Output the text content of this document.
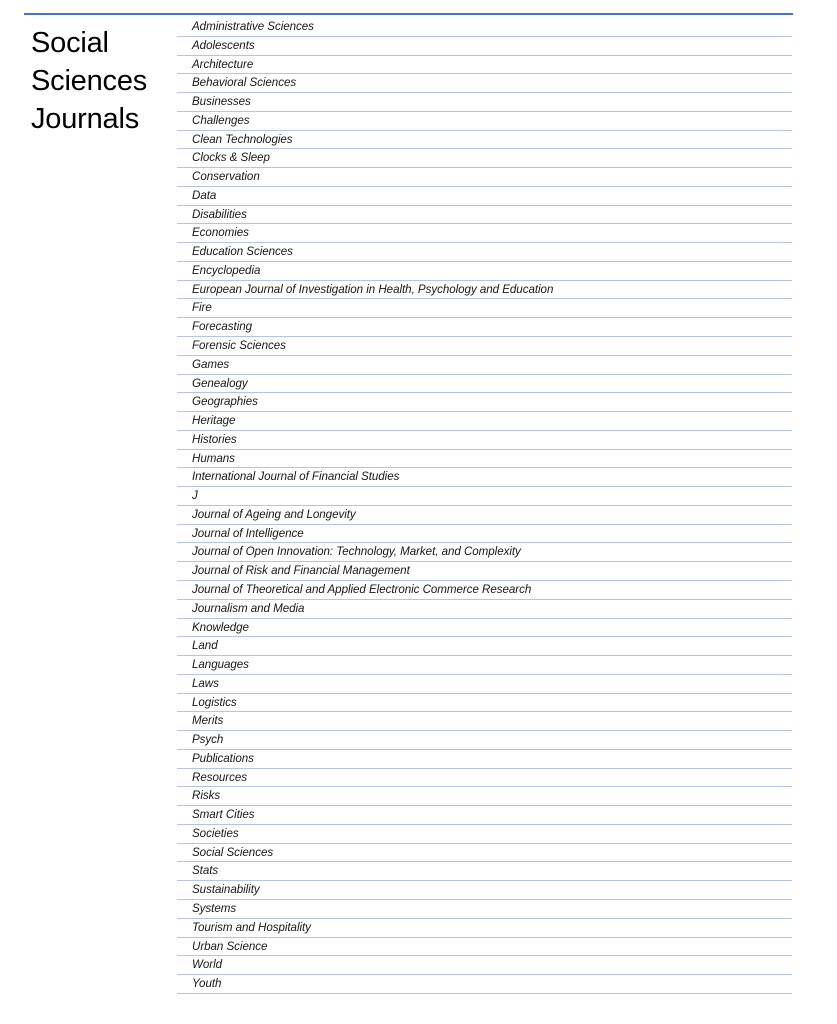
Social
Sciences
Journals
Administrative Sciences
Adolescents
Architecture
Behavioral Sciences
Businesses
Challenges
Clean Technologies
Clocks & Sleep
Conservation
Data
Disabilities
Economies
Education Sciences
Encyclopedia
European Journal of Investigation in Health, Psychology and Education
Fire
Forecasting
Forensic Sciences
Games
Genealogy
Geographies
Heritage
Histories
Humans
International Journal of Financial Studies
J
Journal of Ageing and Longevity
Journal of Intelligence
Journal of Open Innovation: Technology, Market, and Complexity
Journal of Risk and Financial Management
Journal of Theoretical and Applied Electronic Commerce Research
Journalism and Media
Knowledge
Land
Languages
Laws
Logistics
Merits
Psych
Publications
Resources
Risks
Smart Cities
Societies
Social Sciences
Stats
Sustainability
Systems
Tourism and Hospitality
Urban Science
World
Youth
